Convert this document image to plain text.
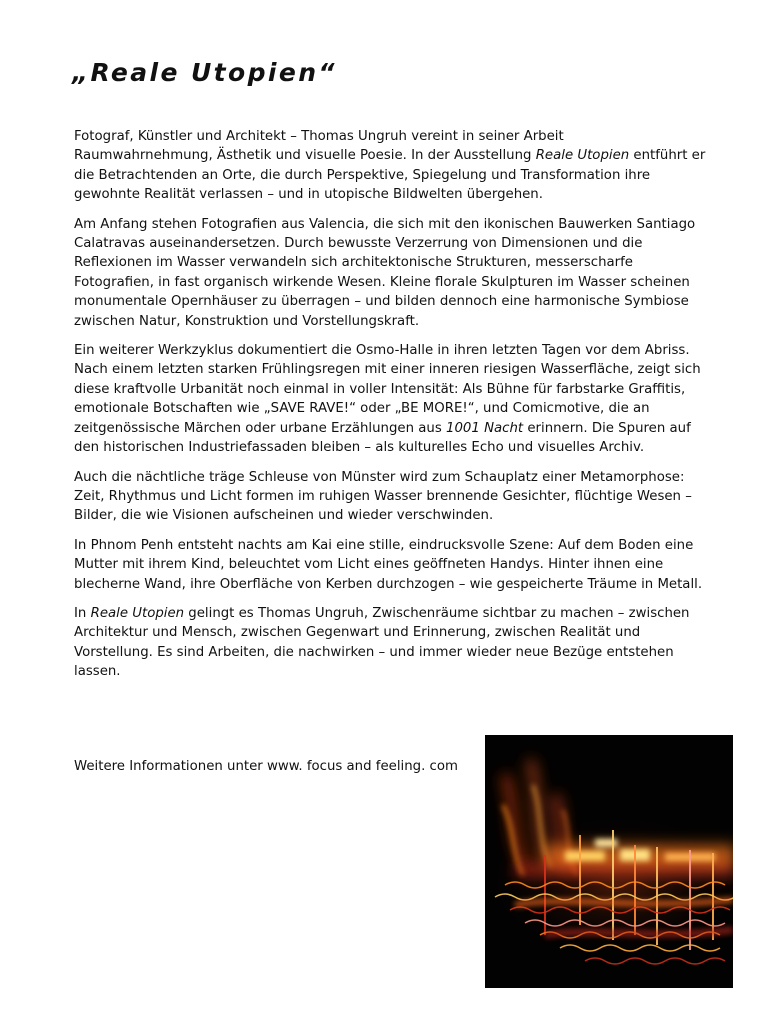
„Reale Utopien“

Fotograf, Künstler und Architekt – Thomas Ungruh vereint in seiner Arbeit Raumwahrnehmung, Ästhetik und visuelle Poesie. In der Ausstellung Reale Utopien entführt er die Betrachtenden an Orte, die durch Perspektive, Spiegelung und Transformation ihre gewohnte Realität verlassen – und in utopische Bildwelten übergehen.

Am Anfang stehen Fotografien aus Valencia, die sich mit den ikonischen Bauwerken Santiago Calatravas auseinandersetzen. Durch bewusste Verzerrung von Dimensionen und die Reflexionen im Wasser verwandeln sich architektonische Strukturen, messerscharfe Fotografien, in fast organisch wirkende Wesen. Kleine florale Skulpturen im Wasser scheinen monumentale Opernhäuser zu überragen – und bilden dennoch eine harmonische Symbiose zwischen Natur, Konstruktion und Vorstellungskraft.

Ein weiterer Werkzyklus dokumentiert die Osmo-Halle in ihren letzten Tagen vor dem Abriss. Nach einem letzten starken Frühlingsregen mit einer inneren riesigen Wasserfläche, zeigt sich diese kraftvolle Urbanität noch einmal in voller Intensität: Als Bühne für farbstarke Graffitis, emotionale Botschaften wie „SAVE RAVE!“ oder „BE MORE!“, und Comicmotive, die an zeitgenössische Märchen oder urbane Erzählungen aus 1001 Nacht erinnern. Die Spuren auf den historischen Industriefassaden bleiben – als kulturelles Echo und visuelles Archiv.

Auch die nächtliche träge Schleuse von Münster wird zum Schauplatz einer Metamorphose: Zeit, Rhythmus und Licht formen im ruhigen Wasser brennende Gesichter, flüchtige Wesen – Bilder, die wie Visionen aufscheinen und wieder verschwinden.

In Phnom Penh entsteht nachts am Kai eine stille, eindrucksvolle Szene: Auf dem Boden eine Mutter mit ihrem Kind, beleuchtet vom Licht eines geöffneten Handys. Hinter ihnen eine blecherne Wand, ihre Oberfläche von Kerben durchzogen – wie gespeicherte Träume in Metall.

In Reale Utopien gelingt es Thomas Ungruh, Zwischenräume sichtbar zu machen – zwischen Architektur und Mensch, zwischen Gegenwart und Erinnerung, zwischen Realität und Vorstellung. Es sind Arbeiten, die nachwirken – und immer wieder neue Bezüge entstehen lassen.

Weitere Informationen unter www. focus and feeling. com
